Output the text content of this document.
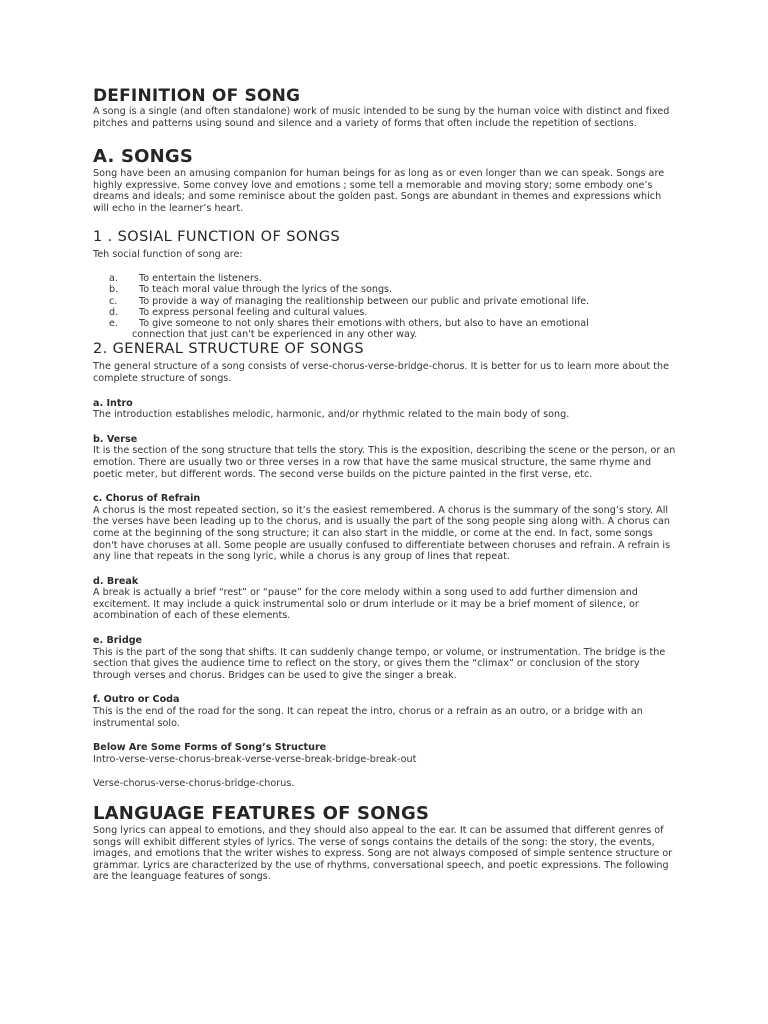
DEFINITION OF SONG

A song is a single (and often standalone) work of music intended to be sung by the human voice with distinct and fixed pitches and patterns using sound and silence and a variety of forms that often include the repetition of sections.

A. SONGS

Song have been an amusing companion for human beings for as long as or even longer than we can speak. Songs are highly expressive. Some convey love and emotions ; some tell a memorable and moving story; some embody one’s dreams and ideals; and some reminisce about the golden past. Songs are abundant in themes and expressions which will echo in the learner’s heart.

1 . SOSIAL FUNCTION OF SONGS

Teh social function of song are:

a. To entertain the listeners.
b. To teach moral value through the lyrics of the songs.
c. To provide a way of managing the realitionship between our public and private emotional life.
d. To express personal feeling and cultural values.
e. To give someone to not only shares their emotions with others, but also to have an emotional
connection that just can't be experienced in any other way.
2. GENERAL STRUCTURE OF SONGS

The general structure of a song consists of verse-chorus-verse-bridge-chorus. It is better for us to learn more about the complete structure of songs.

a. Intro

The introduction establishes melodic, harmonic, and/or rhythmic related to the main body of song.

b. Verse

It is the section of the song structure that tells the story. This is the exposition, describing the scene or the person, or an emotion. There are usually two or three verses in a row that have the same musical structure, the same rhyme and poetic meter, but different words. The second verse builds on the picture painted in the first verse, etc.

c. Chorus of Refrain

A chorus is the most repeated section, so it’s the easiest remembered. A chorus is the summary of the song’s story. All the verses have been leading up to the chorus, and is usually the part of the song people sing along with. A chorus can come at the beginning of the song structure; it can also start in the middle, or come at the end. In fact, some songs don't have choruses at all. Some people are usually confused to differentiate between choruses and refrain. A refrain is any line that repeats in the song lyric, while a chorus is any group of lines that repeat.

d. Break

A break is actually a brief “rest” or “pause” for the core melody within a song used to add further dimension and excitement. It may include a quick instrumental solo or drum interlude or it may be a brief moment of silence, or acombination of each of these elements.

e. Bridge

This is the part of the song that shifts. It can suddenly change tempo, or volume, or instrumentation. The bridge is the section that gives the audience time to reflect on the story, or gives them the “climax” or conclusion of the story through verses and chorus. Bridges can be used to give the singer a break.

f. Outro or Coda

This is the end of the road for the song. It can repeat the intro, chorus or a refrain as an outro, or a bridge with an instrumental solo.

Below Are Some Forms of Song’s Structure

Intro-verse-verse-chorus-break-verse-verse-break-bridge-break-out

Verse-chorus-verse-chorus-bridge-chorus.

LANGUAGE FEATURES OF SONGS

Song lyrics can appeal to emotions, and they should also appeal to the ear. It can be assumed that different genres of songs will exhibit different styles of lyrics. The verse of songs contains the details of the song: the story, the events, images, and emotions that the writer wishes to express. Song are not always composed of simple sentence structure or grammar. Lyrics are characterized by the use of rhythms, conversational speech, and poetic expressions. The following are the leanguage features of songs.
